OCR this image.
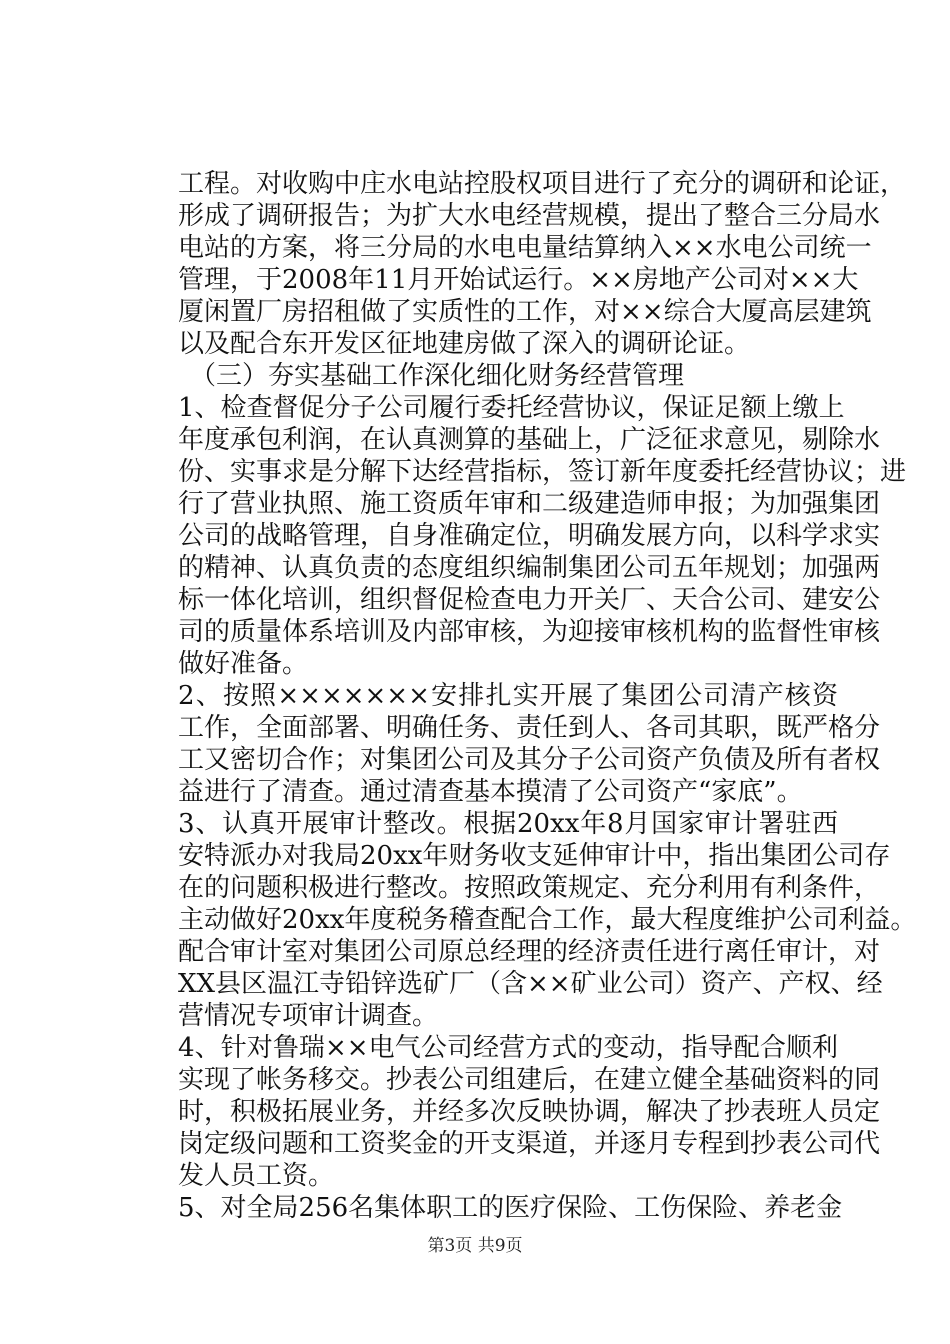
工程。对收购中庄水电站控股权项目进行了充分的调研和论证，
形成了调研报告；为扩大水电经营规模，提出了整合三分局水
电站的方案，将三分局的水电电量结算纳入××水电公司统一
管理，于2008年11月开始试运行。××房地产公司对××大
厦闲置厂房招租做了实质性的工作，对××综合大厦高层建筑
以及配合东开发区征地建房做了深入的调研论证。
（三）夯实基础工作深化细化财务经营管理
1、检查督促分子公司履行委托经营协议，保证足额上缴上
年度承包利润，在认真测算的基础上，广泛征求意见，剔除水
份、实事求是分解下达经营指标，签订新年度委托经营协议；进
行了营业执照、施工资质年审和二级建造师申报；为加强集团
公司的战略管理，自身准确定位，明确发展方向，以科学求实
的精神、认真负责的态度组织编制集团公司五年规划；加强两
标一体化培训，组织督促检查电力开关厂、天合公司、建安公
司的质量体系培训及内部审核，为迎接审核机构的监督性审核
做好准备。
2、按照×××××××安排扎实开展了集团公司清产核资
工作，全面部署、明确任务、责任到人、各司其职，既严格分
工又密切合作；对集团公司及其分子公司资产负债及所有者权
益进行了清查。通过清查基本摸清了公司资产“家底”。
3、认真开展审计整改。根据20xx年8月国家审计署驻西
安特派办对我局20xx年财务收支延伸审计中，指出集团公司存
在的问题积极进行整改。按照政策规定、充分利用有利条件，
主动做好20xx年度税务稽查配合工作，最大程度维护公司利益。
配合审计室对集团公司原总经理的经济责任进行离任审计，对
XX县区温江寺铅锌选矿厂（含××矿业公司）资产、产权、经
营情况专项审计调查。
4、针对鲁瑞××电气公司经营方式的变动，指导配合顺利
实现了帐务移交。抄表公司组建后，在建立健全基础资料的同
时，积极拓展业务，并经多次反映协调，解决了抄表班人员定
岗定级问题和工资奖金的开支渠道，并逐月专程到抄表公司代
发人员工资。
5、对全局256名集体职工的医疗保险、工伤保险、养老金
第3页 共9页
